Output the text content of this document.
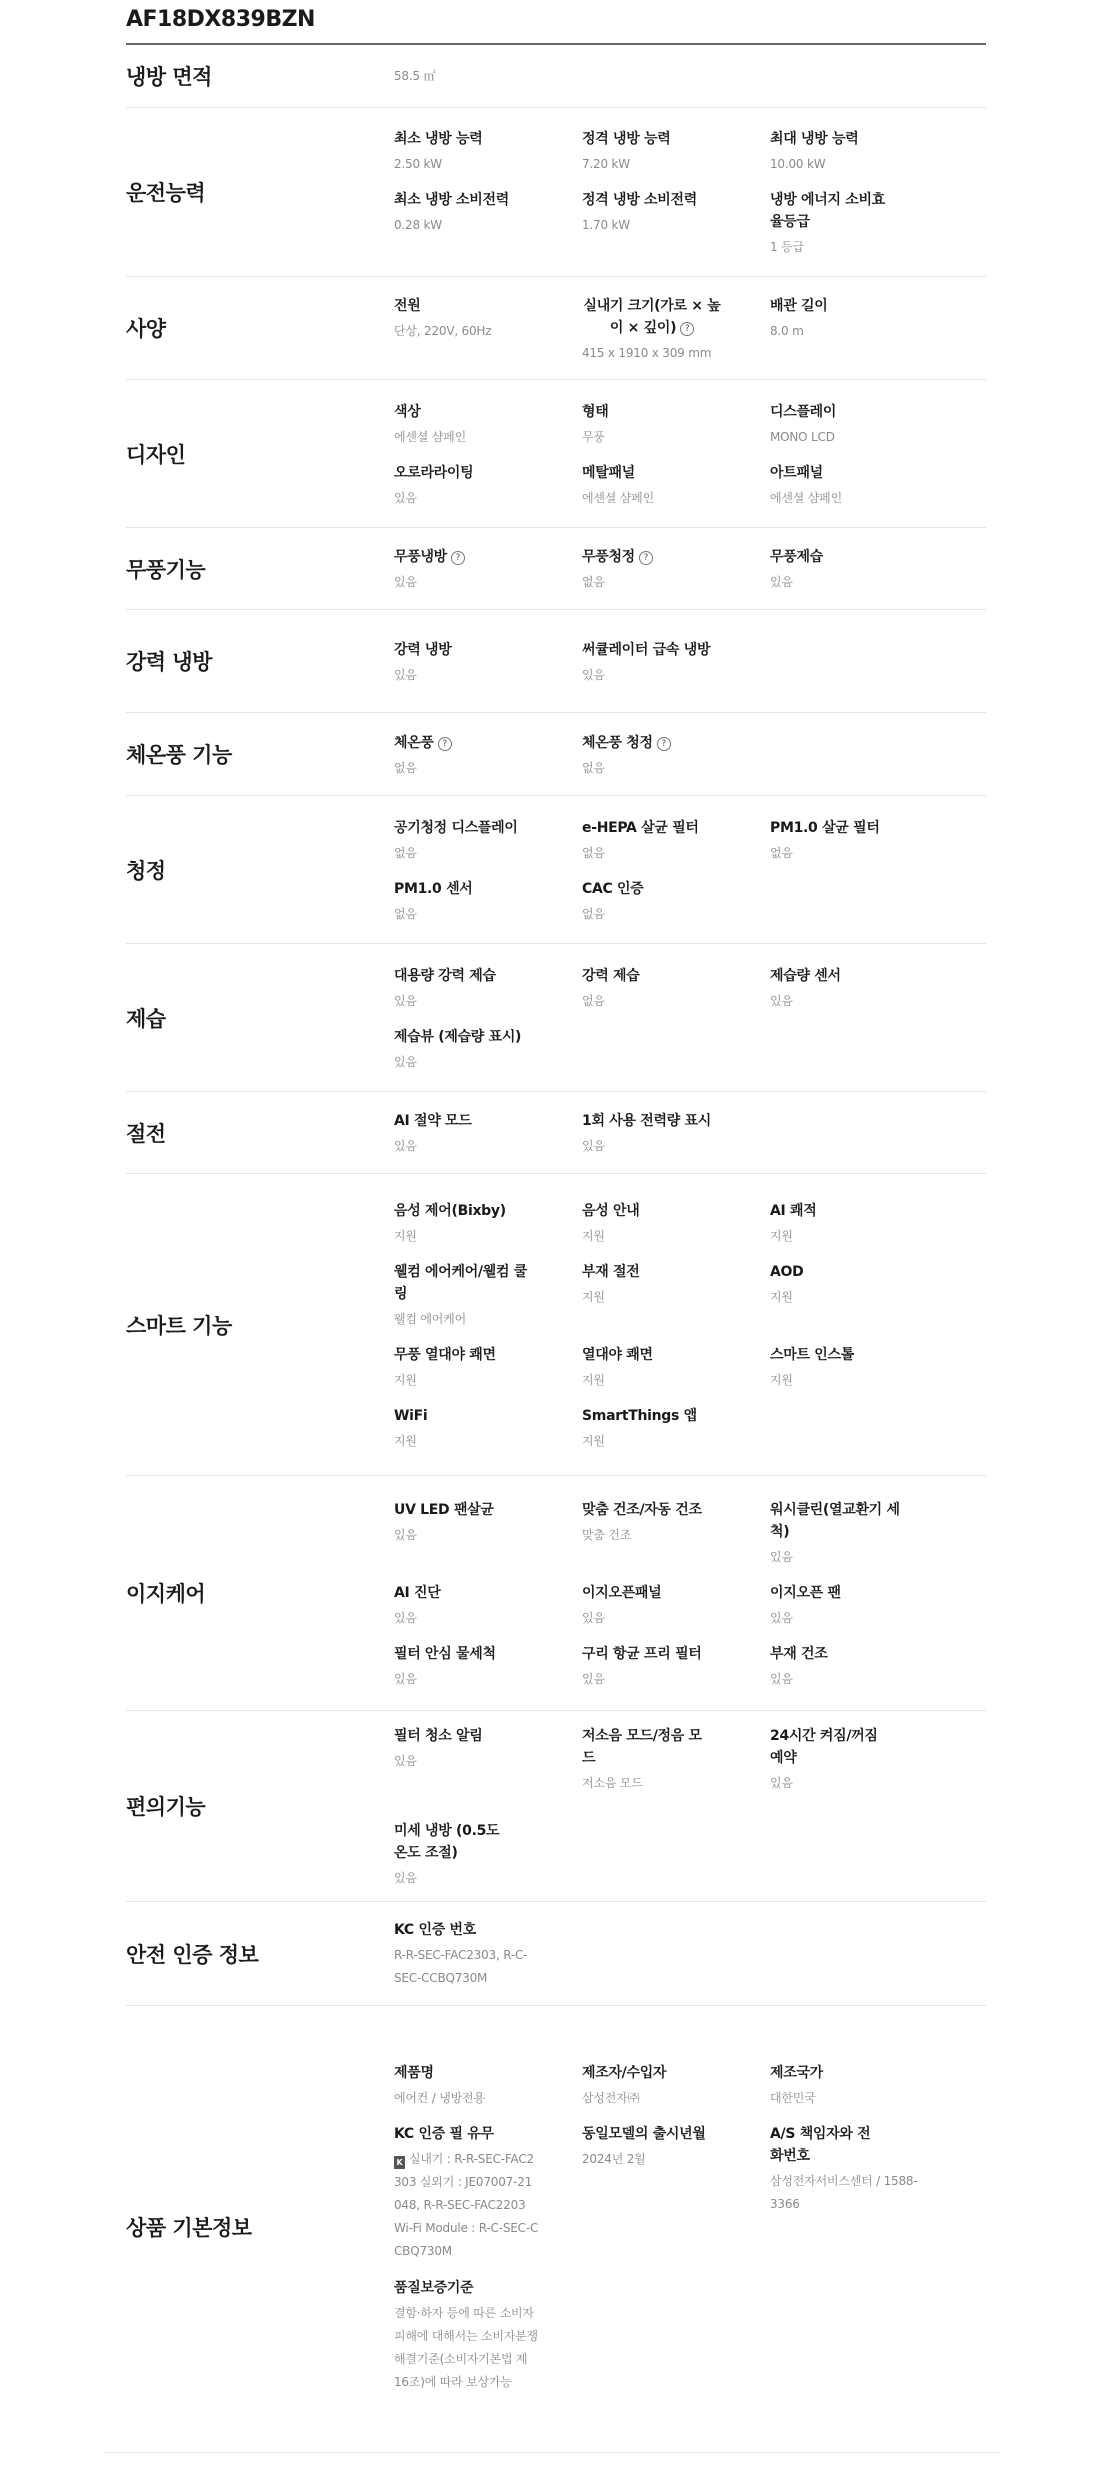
AF18DX839BZN
냉방 면적	58.5 ㎡
운전능력
최소 냉방 능력
2.50 kW
정격 냉방 능력
7.20 kW
최대 냉방 능력
10.00 kW
최소 냉방 소비전력
0.28 kW
정격 냉방 소비전력
1.70 kW
냉방 에너지 소비효율등급
1 등급
사양
전원
단상, 220V, 60Hz
실내기 크기(가로 × 높이 × 깊이) ?
415 x 1910 x 309 mm
배관 길이
8.0 m
디자인
색상
에센셜 샴페인
형태
무풍
디스플레이
MONO LCD
오로라라이팅
있음
메탈패널
에센셜 샴페인
아트패널
에센셜 샴페인
무풍기능
무풍냉방 ?
있음
무풍청정 ?
없음
무풍제습
있음
강력 냉방
강력 냉방
있음
써큘레이터 급속 냉방
있음
체온풍 기능
체온풍 ?
없음
체온풍 청정 ?
없음
청정
공기청정 디스플레이
없음
e-HEPA 살균 필터
없음
PM1.0 살균 필터
없음
PM1.0 센서
없음
CAC 인증
없음
제습
대용량 강력 제습
있음
강력 제습
없음
제습량 센서
있음
제습뷰 (제습량 표시)
있음
절전
AI 절약 모드
있음
1회 사용 전력량 표시
있음
스마트 기능
음성 제어(Bixby)
지원
음성 안내
지원
AI 쾌적
지원
웰컴 에어케어/웰컴 쿨링
웰컴 에어케어
부재 절전
지원
AOD
지원
무풍 열대야 쾌면
지원
열대야 쾌면
지원
스마트 인스톨
지원
WiFi
지원
SmartThings 앱
지원
이지케어
UV LED 팬살균
있음
맞춤 건조/자동 건조
맞춤 건조
워시클린(열교환기 세척)
있음
AI 진단
있음
이지오픈패널
있음
이지오픈 팬
있음
필터 안심 물세척
있음
구리 항균 프리 필터
있음
부재 건조
있음
편의기능
필터 청소 알림
있음
저소음 모드/정음 모드
저소음 모드
24시간 켜짐/꺼짐 예약
있음
미세 냉방 (0.5도 온도 조절)
있음
안전 인증 정보
KC 인증 번호
R-R-SEC-FAC2303, R-C-SEC-CCBQ730M
상품 기본정보
제품명
에어컨 / 냉방전용
제조자/수입자
삼성전자㈜
제조국가
대한민국
KC 인증 필 유무
K 실내기 : R-R-SEC-FAC2303 실외기 : JE07007-21048, R-R-SEC-FAC2203 Wi-Fi Module : R-C-SEC-CCBQ730M
동일모델의 출시년월
2024년 2월
A/S 책임자와 전화번호
삼성전자서비스센터 / 1588-3366
품질보증기준
결함·하자 등에 따른 소비자피해에 대해서는 소비자분쟁해결기준(소비자기본법 제16조)에 따라 보상가능
